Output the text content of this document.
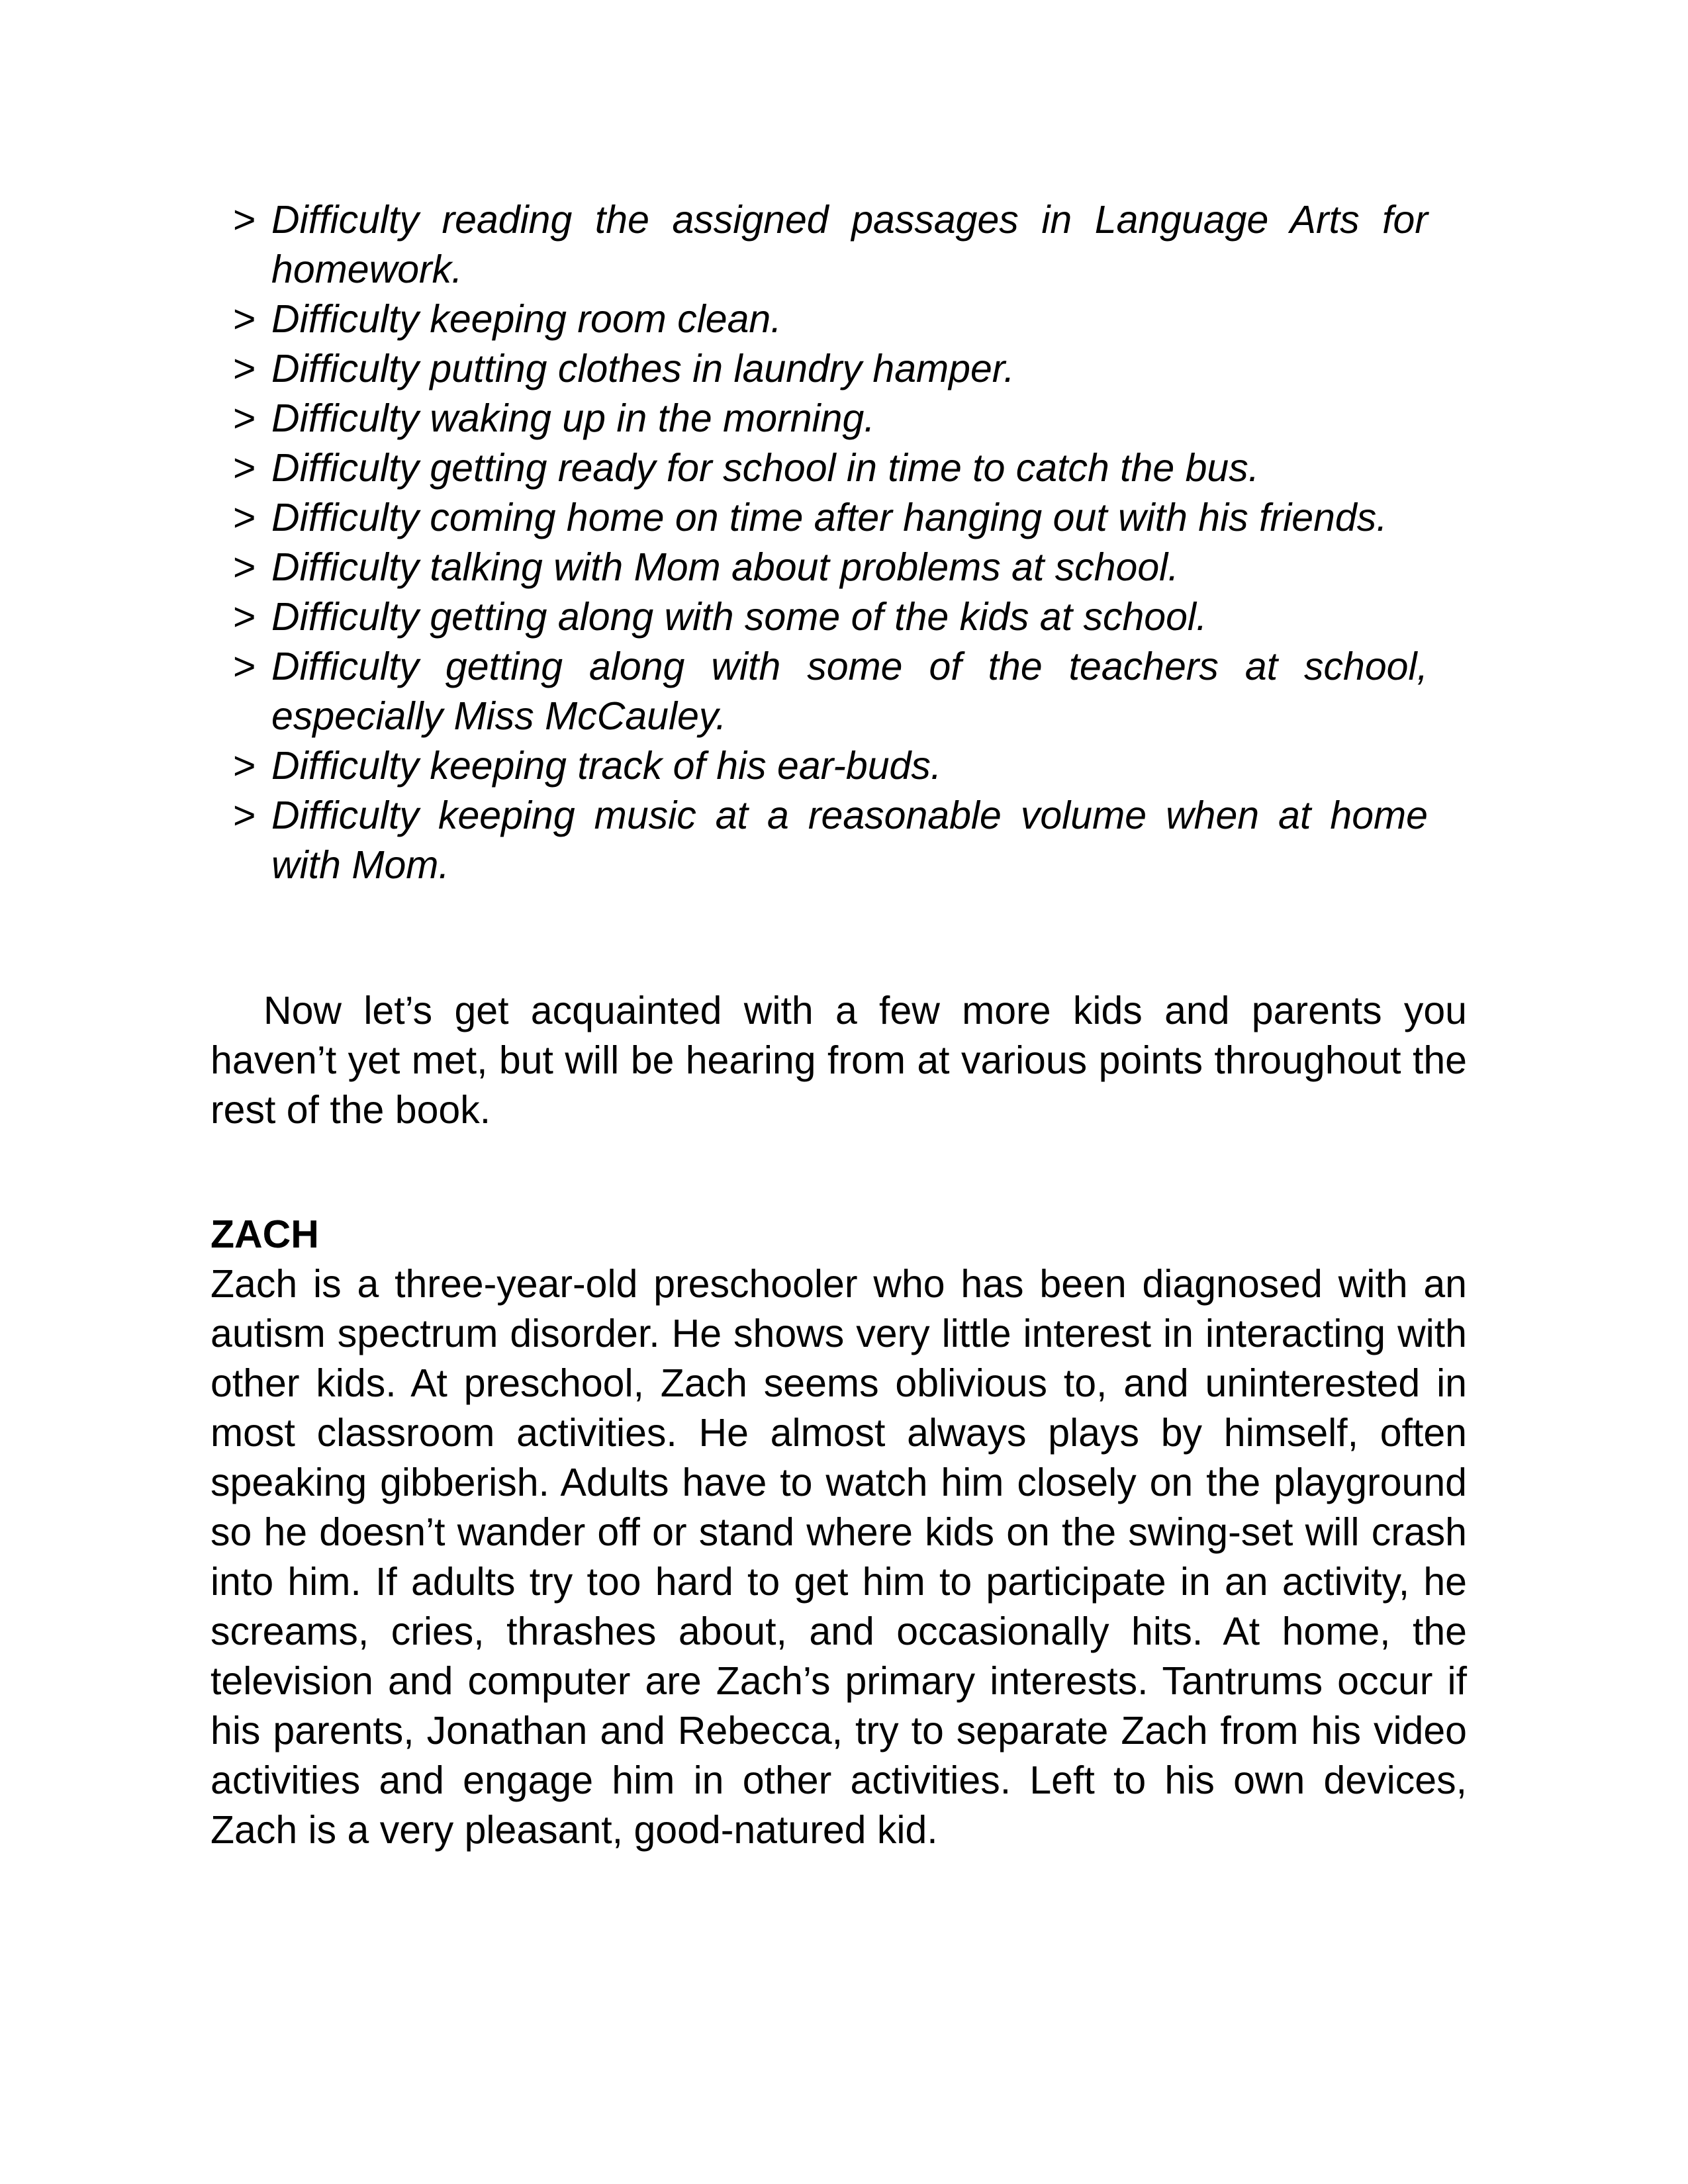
> Difficulty reading the assigned passages in Language Arts for homework.
> Difficulty keeping room clean.
> Difficulty putting clothes in laundry hamper.
> Difficulty waking up in the morning.
> Difficulty getting ready for school in time to catch the bus.
> Difficulty coming home on time after hanging out with his friends.
> Difficulty talking with Mom about problems at school.
> Difficulty getting along with some of the kids at school.
> Difficulty getting along with some of the teachers at school, especially Miss McCauley.
> Difficulty keeping track of his ear-buds.
> Difficulty keeping music at a reasonable volume when at home with Mom.

Now let’s get acquainted with a few more kids and parents you haven’t yet met, but will be hearing from at various points throughout the rest of the book.

ZACH

Zach is a three-year-old preschooler who has been diagnosed with an autism spectrum disorder. He shows very little interest in interacting with other kids. At preschool, Zach seems oblivious to, and uninterested in most classroom activities. He almost always plays by himself, often speaking gibberish. Adults have to watch him closely on the playground so he doesn’t wander off or stand where kids on the swing-set will crash into him. If adults try too hard to get him to participate in an activity, he screams, cries, thrashes about, and occasionally hits. At home, the television and computer are Zach’s primary interests. Tantrums occur if his parents, Jonathan and Rebecca, try to separate Zach from his video activities and engage him in other activities. Left to his own devices, Zach is a very pleasant, good-natured kid.
